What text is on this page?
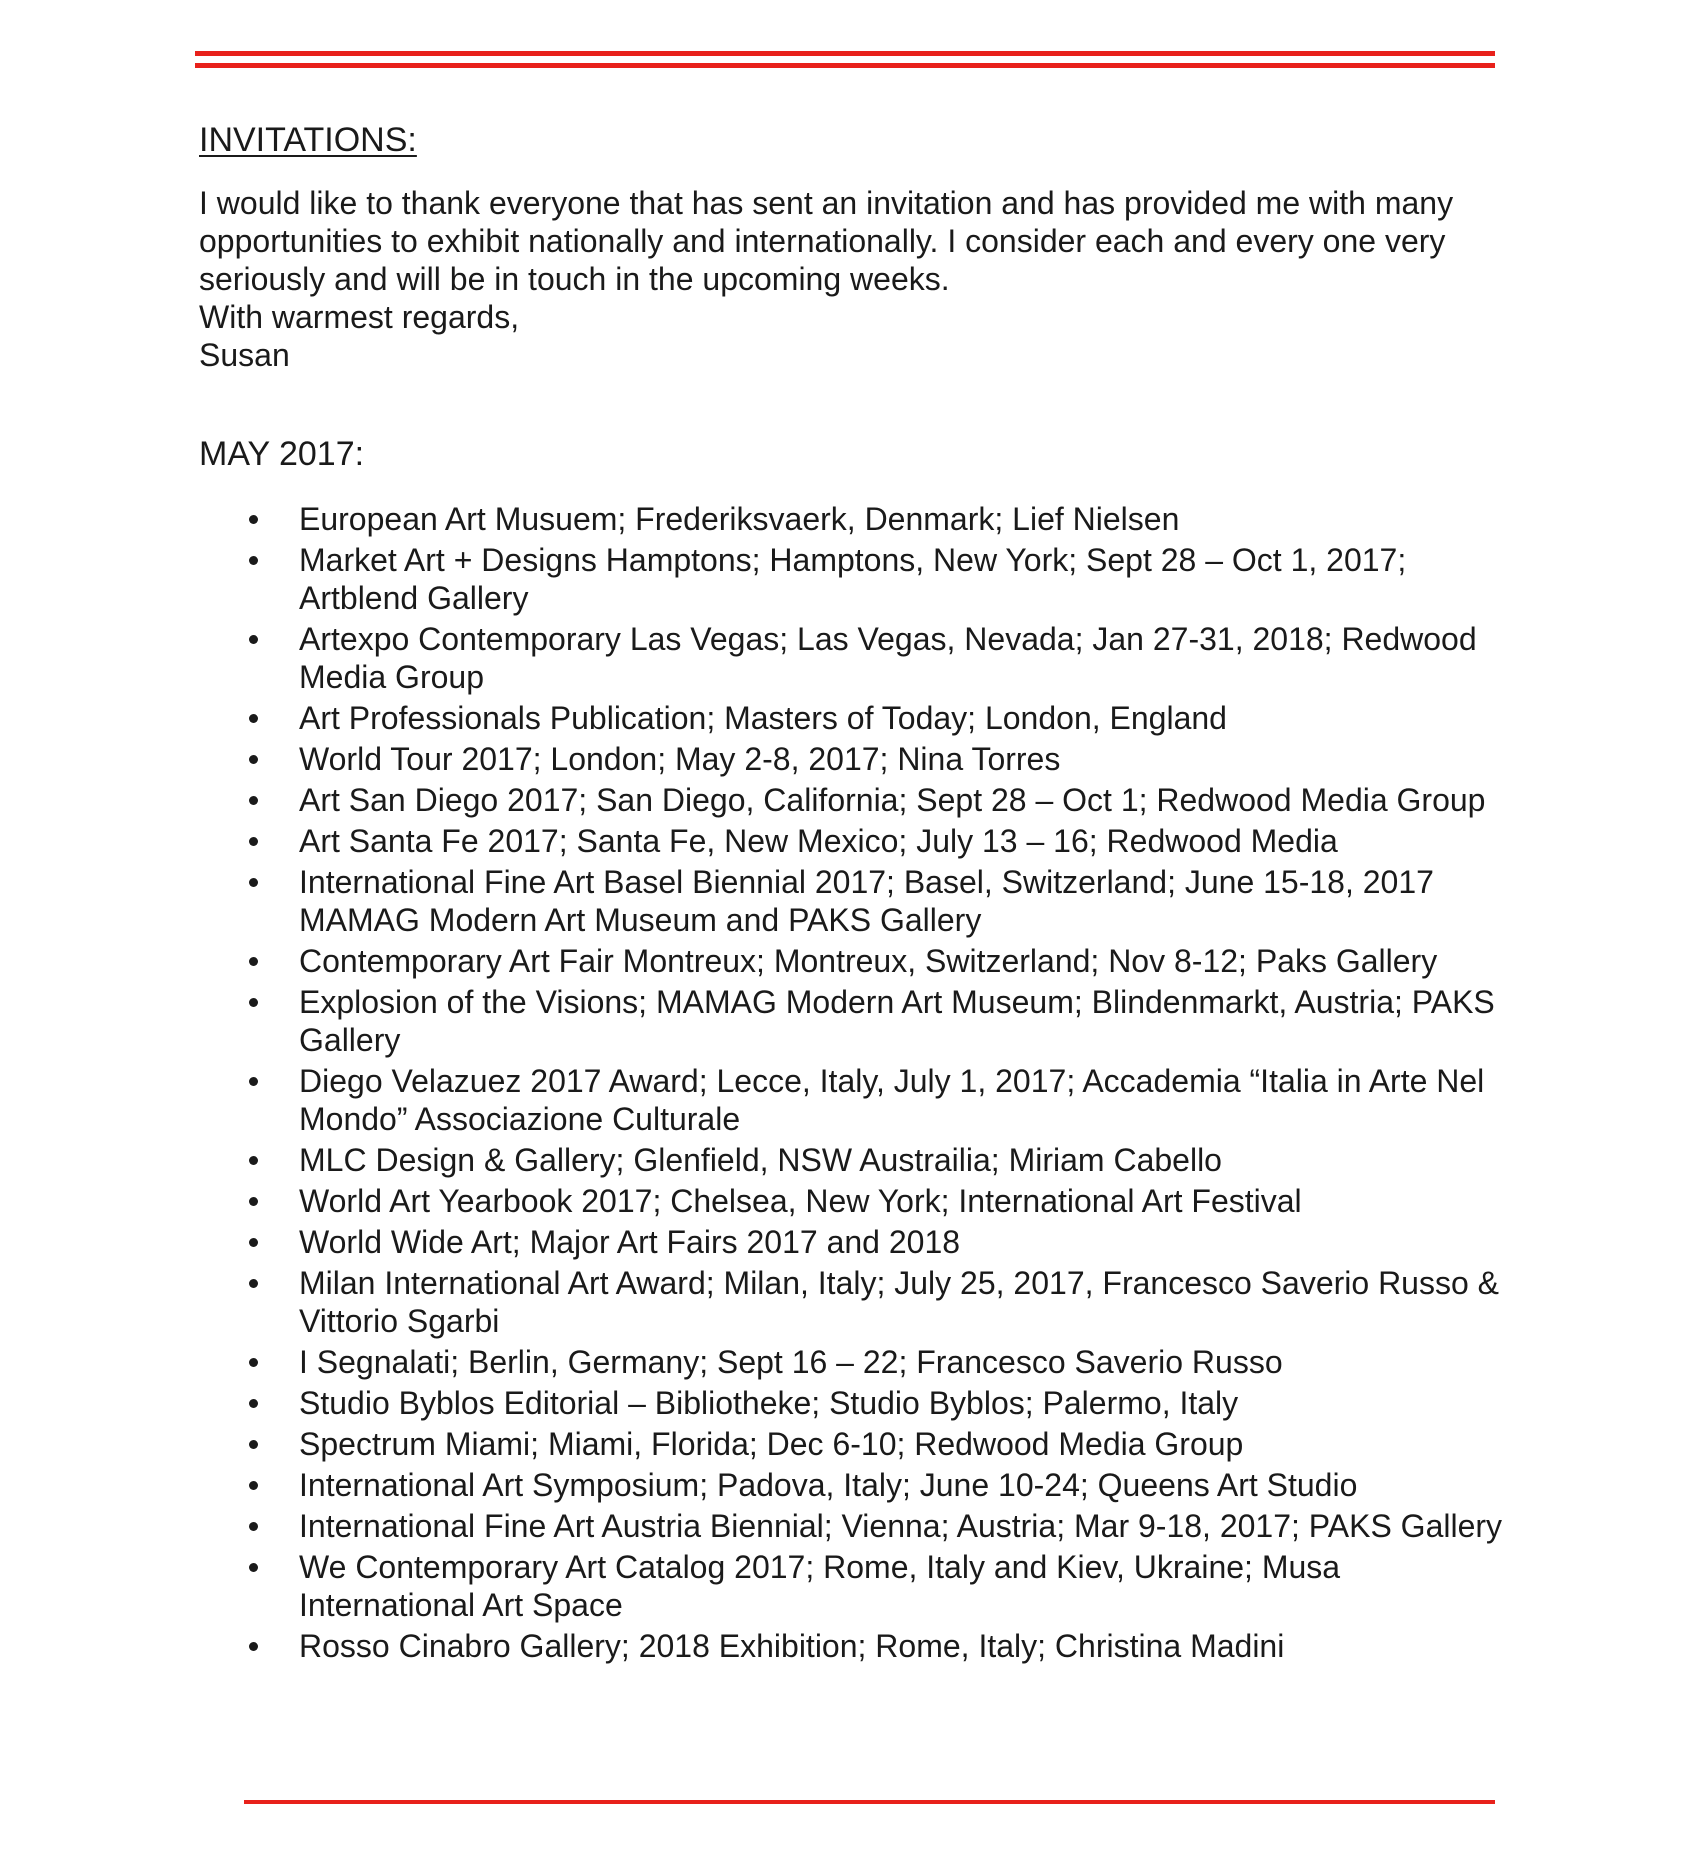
INVITATIONS:

I would like to thank everyone that has sent an invitation and has provided me with many opportunities to exhibit nationally and internationally. I consider each and every one very seriously and will be in touch in the upcoming weeks.

With warmest regards,

Susan

MAY 2017:
European Art Musuem; Frederiksvaerk, Denmark; Lief Nielsen
Market Art + Designs Hamptons; Hamptons, New York; Sept 28 – Oct 1, 2017; Artblend Gallery
Artexpo Contemporary Las Vegas; Las Vegas, Nevada; Jan 27-31, 2018; Redwood Media Group
Art Professionals Publication; Masters of Today; London, England
World Tour 2017; London; May 2-8, 2017; Nina Torres
Art San Diego 2017; San Diego, California; Sept 28 – Oct 1; Redwood Media Group
Art Santa Fe 2017; Santa Fe, New Mexico; July 13 – 16; Redwood Media
International Fine Art Basel Biennial 2017; Basel, Switzerland; June 15-18, 2017 MAMAG Modern Art Museum and PAKS Gallery
Contemporary Art Fair Montreux; Montreux, Switzerland; Nov 8-12; Paks Gallery
Explosion of the Visions; MAMAG Modern Art Museum; Blindenmarkt, Austria; PAKS Gallery
Diego Velazuez 2017 Award; Lecce, Italy, July 1, 2017; Accademia “Italia in Arte Nel Mondo” Associazione Culturale
MLC Design & Gallery; Glenfield, NSW Austrailia; Miriam Cabello
World Art Yearbook 2017; Chelsea, New York; International Art Festival
World Wide Art; Major Art Fairs 2017 and 2018
Milan International Art Award; Milan, Italy; July 25, 2017, Francesco Saverio Russo & Vittorio Sgarbi
I Segnalati; Berlin, Germany; Sept 16 – 22; Francesco Saverio Russo
Studio Byblos Editorial – Bibliotheke; Studio Byblos; Palermo, Italy
Spectrum Miami; Miami, Florida; Dec 6-10; Redwood Media Group
International Art Symposium; Padova, Italy; June 10-24; Queens Art Studio
International Fine Art Austria Biennial; Vienna; Austria; Mar 9-18, 2017; PAKS Gallery
We Contemporary Art Catalog 2017; Rome, Italy and Kiev, Ukraine; Musa International Art Space
Rosso Cinabro Gallery; 2018 Exhibition; Rome, Italy; Christina Madini
